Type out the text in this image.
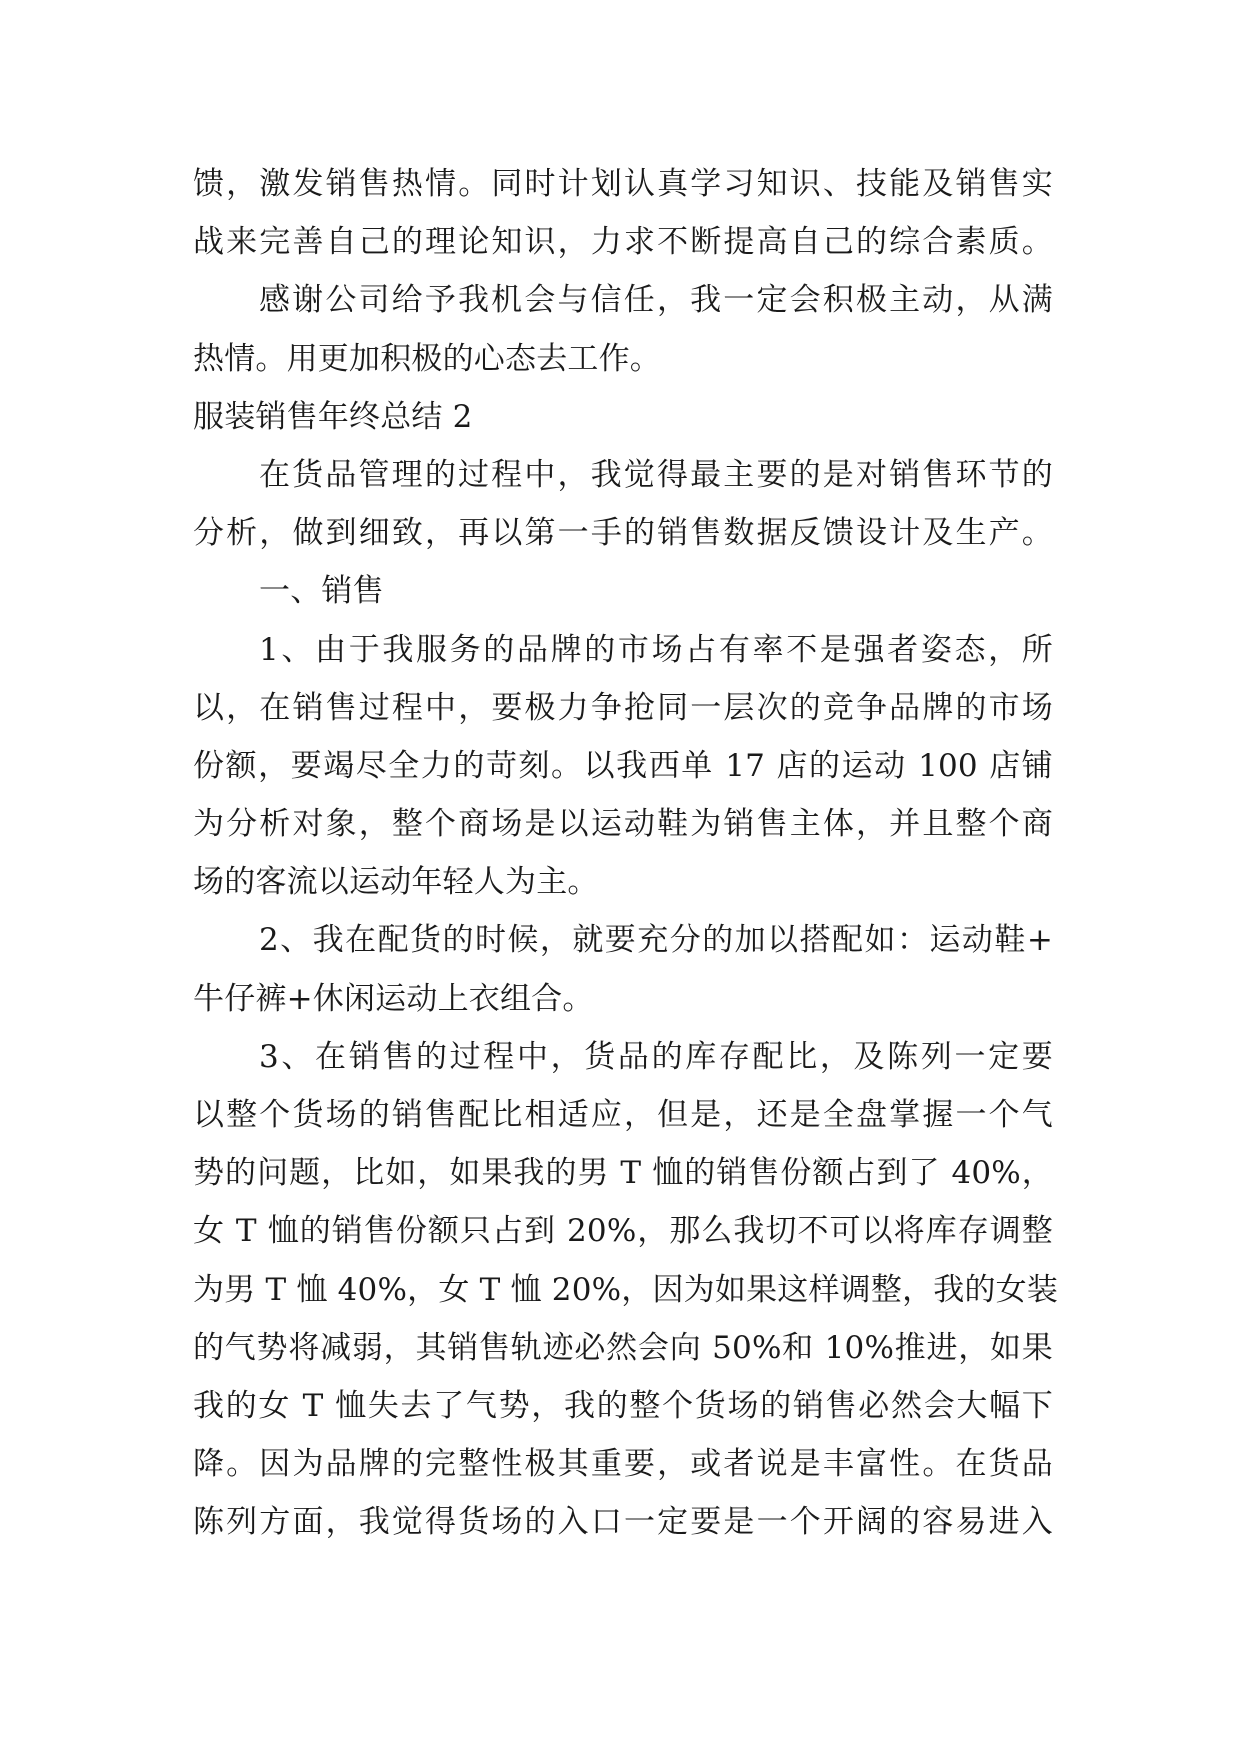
馈，激发销售热情。同时计划认真学习知识、技能及销售实
战来完善自己的理论知识，力求不断提高自己的综合素质。
感谢公司给予我机会与信任，我一定会积极主动，从满
热情。用更加积极的心态去工作。
服装销售年终总结 2
在货品管理的过程中，我觉得最主要的是对销售环节的
分析，做到细致，再以第一手的销售数据反馈设计及生产。
一、销售
1、由于我服务的品牌的市场占有率不是强者姿态，所
以，在销售过程中，要极力争抢同一层次的竞争品牌的市场
份额，要竭尽全力的苛刻。以我西单 17 店的运动 100 店铺
为分析对象，整个商场是以运动鞋为销售主体，并且整个商
场的客流以运动年轻人为主。
2、我在配货的时候，就要充分的加以搭配如：运动鞋+
牛仔裤+休闲运动上衣组合。
3、在销售的过程中，货品的库存配比，及陈列一定要
以整个货场的销售配比相适应，但是，还是全盘掌握一个气
势的问题，比如，如果我的男 T 恤的销售份额占到了 40%，
女 T 恤的销售份额只占到 20%，那么我切不可以将库存调整
为男 T 恤 40%，女 T 恤 20%，因为如果这样调整，我的女装
的气势将减弱，其销售轨迹必然会向 50%和 10%推进，如果
我的女 T 恤失去了气势，我的整个货场的销售必然会大幅下
降。因为品牌的完整性极其重要，或者说是丰富性。在货品
陈列方面，我觉得货场的入口一定要是一个开阔的容易进入
